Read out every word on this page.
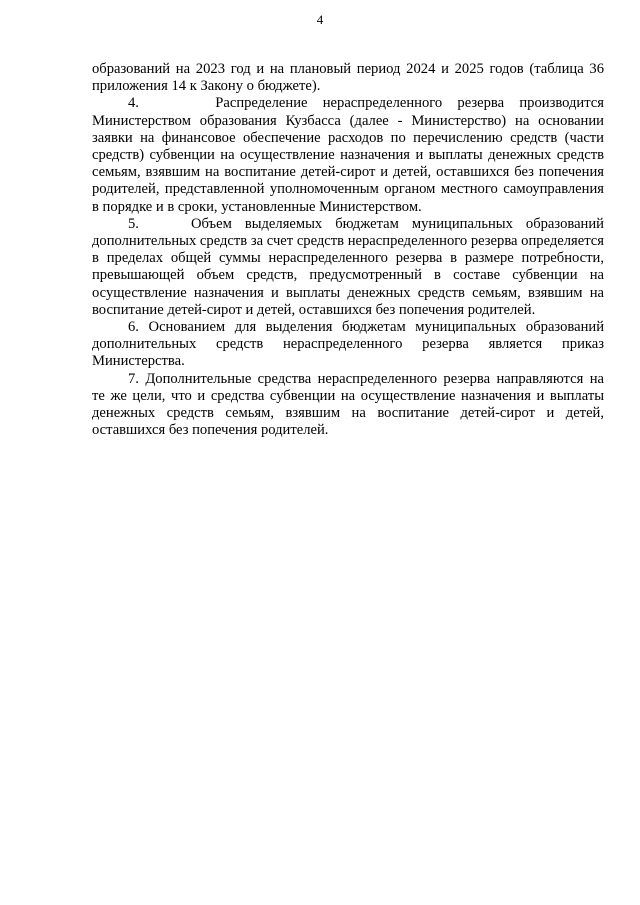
4

образований на 2023 год и на плановый период 2024 и 2025 годов (таблица 36 приложения 14 к Закону о бюджете).

4.     Распределение нераспределенного резерва производится Министерством образования Кузбасса (далее - Министерство) на основании заявки на финансовое обеспечение расходов по перечислению средств (части средств) субвенции на осуществление назначения и выплаты денежных средств семьям, взявшим на воспитание детей-сирот и детей, оставшихся без попечения родителей, представленной уполномоченным органом местного самоуправления в порядке и в сроки, установленные Министерством.

5.    Объем выделяемых бюджетам муниципальных образований дополнительных средств за счет средств нераспределенного резерва определяется в пределах общей суммы нераспределенного резерва в размере потребности, превышающей объем средств, предусмотренный в составе субвенции на осуществление назначения и выплаты денежных средств семьям, взявшим на воспитание детей-сирот и детей, оставшихся без попечения родителей.

6. Основанием для выделения бюджетам муниципальных образований дополнительных средств нераспределенного резерва является приказ Министерства.

7. Дополнительные средства нераспределенного резерва направляются на те же цели, что и средства субвенции на осуществление назначения и выплаты денежных средств семьям, взявшим на воспитание детей-сирот и детей, оставшихся без попечения родителей.
